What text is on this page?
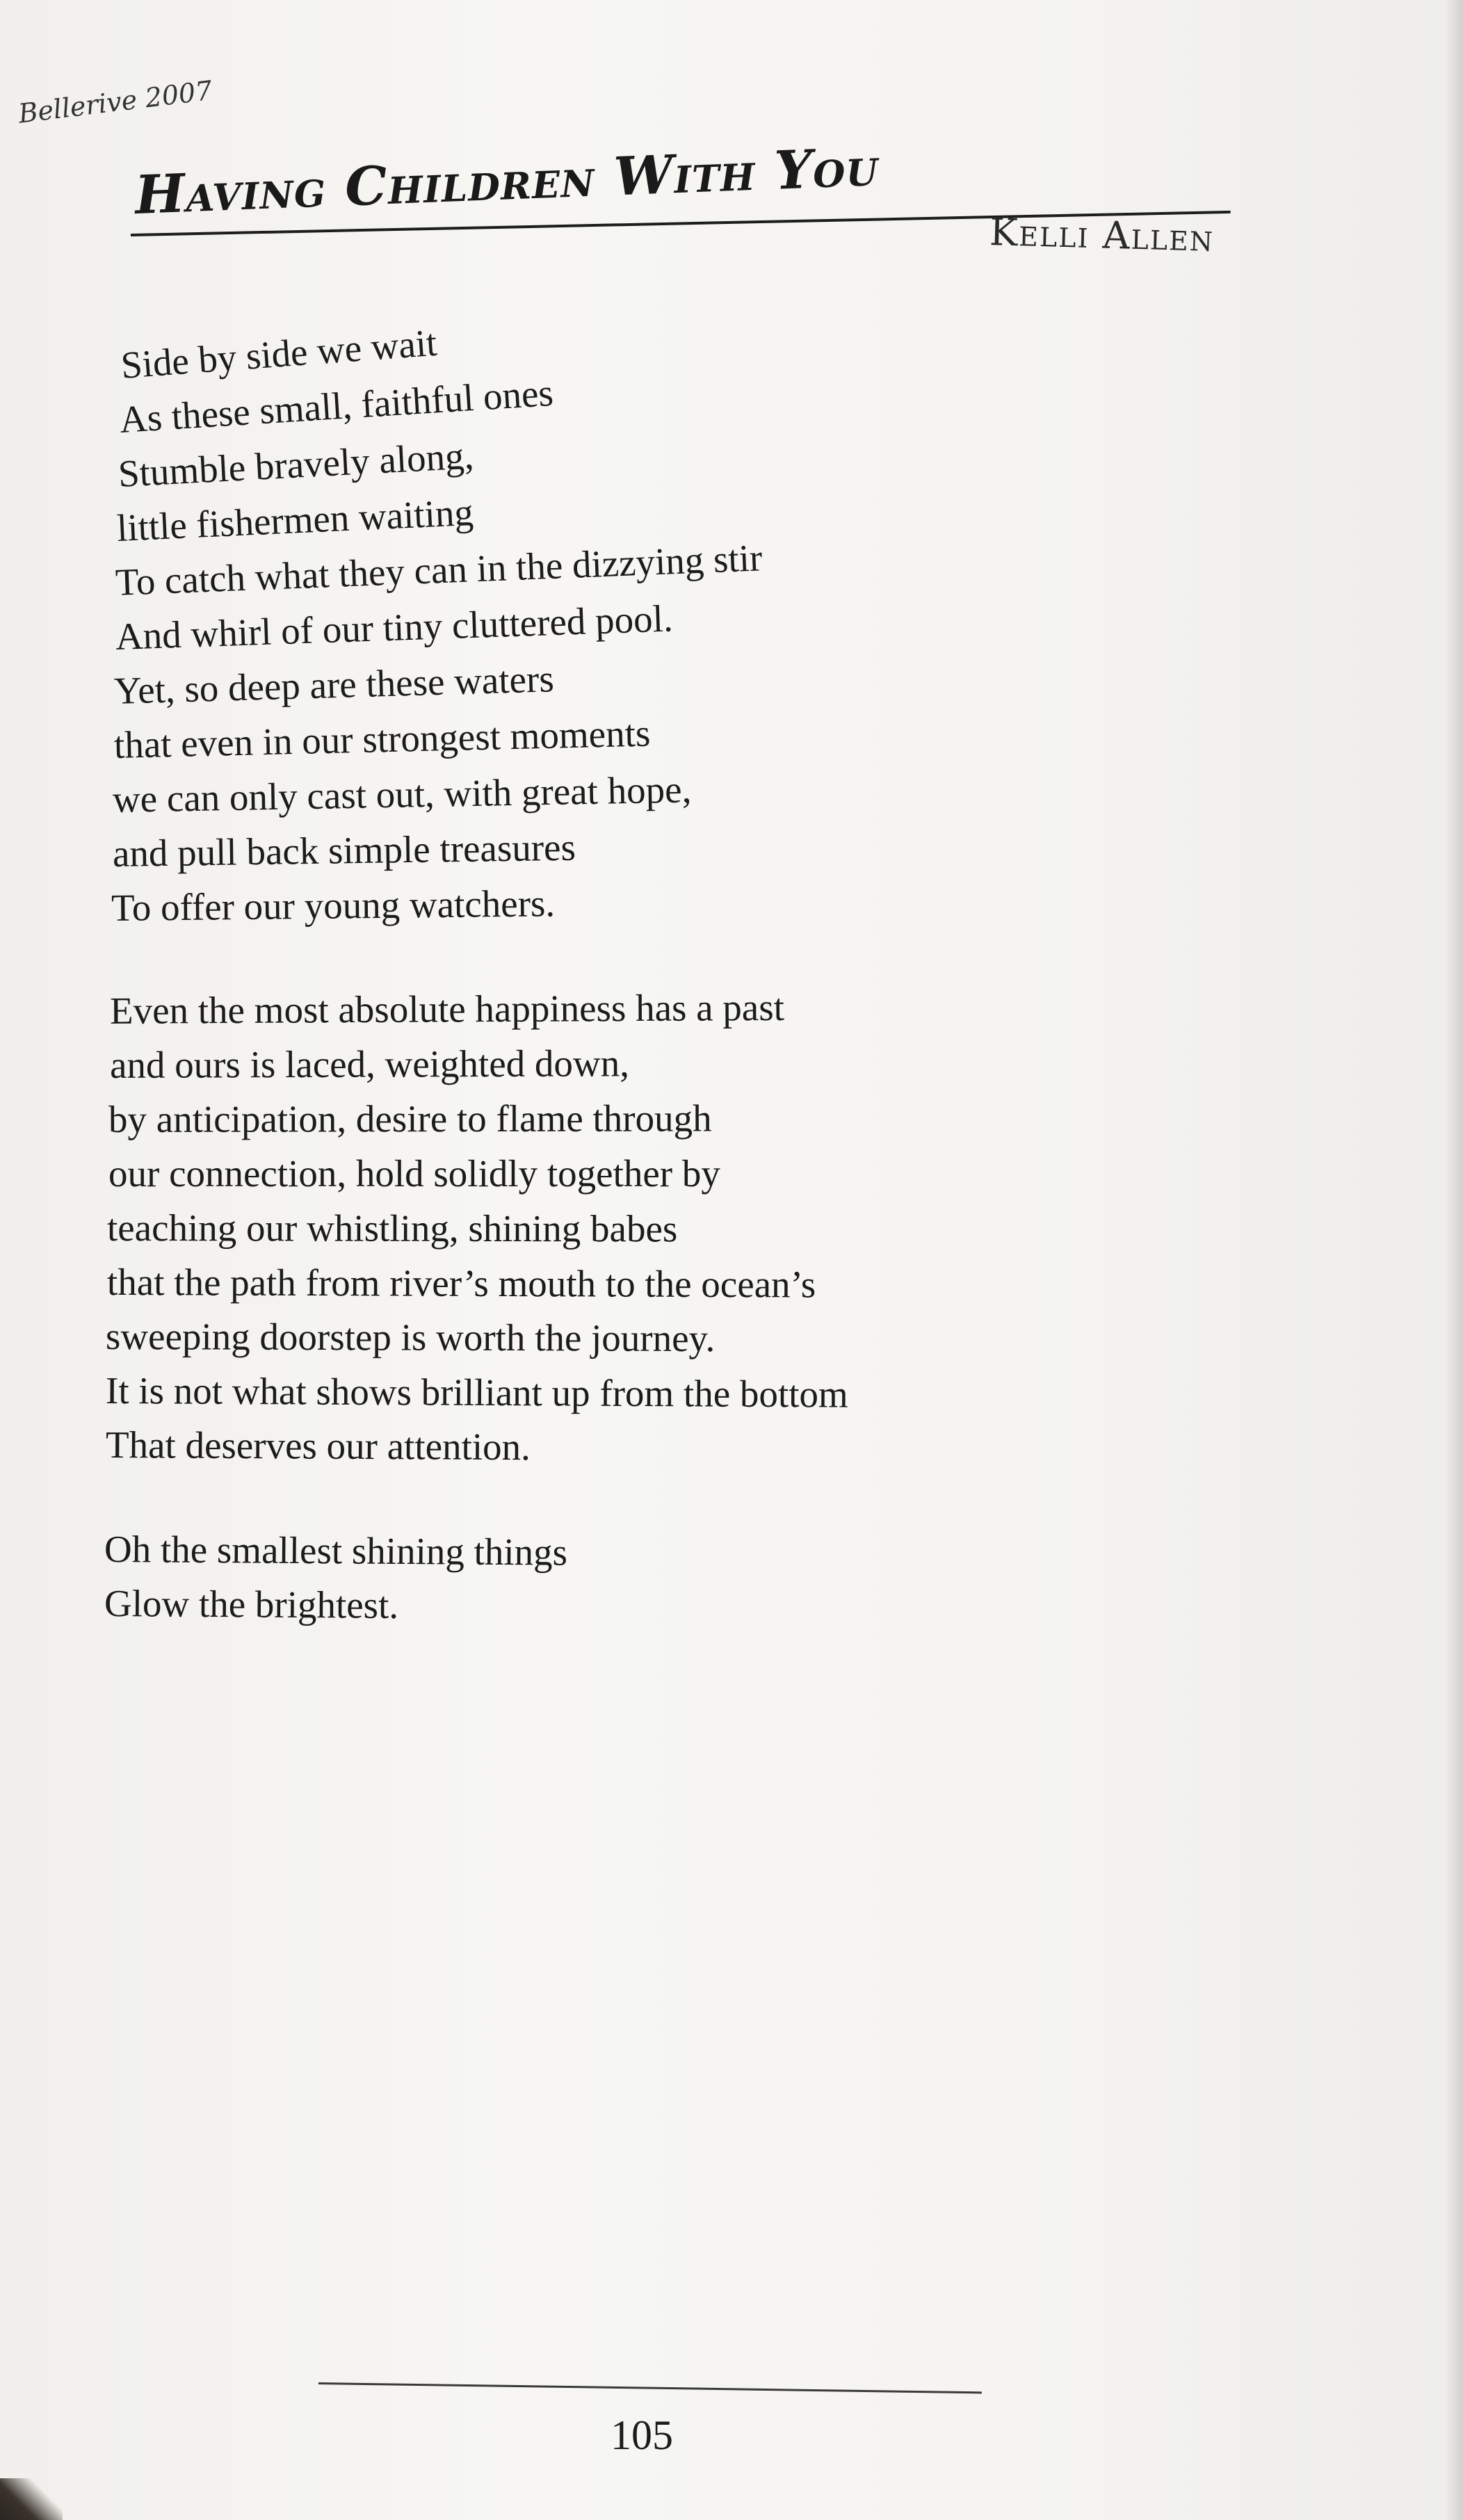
Bellerive 2007
Having Children With You
Kelli Allen
Side by side we wait
As these small, faithful ones
Stumble bravely along,
little fishermen waiting
To catch what they can in the dizzying stir
And whirl of our tiny cluttered pool.
Yet, so deep are these waters
that even in our strongest moments
we can only cast out, with great hope,
and pull back simple treasures
To offer our young watchers.
Even the most absolute happiness has a past
and ours is laced, weighted down,
by anticipation, desire to flame through
our connection, hold solidly together by
teaching our whistling, shining babes
that the path from river’s mouth to the ocean’s
sweeping doorstep is worth the journey.
It is not what shows brilliant up from the bottom
That deserves our attention.
Oh the smallest shining things
Glow the brightest.
105
